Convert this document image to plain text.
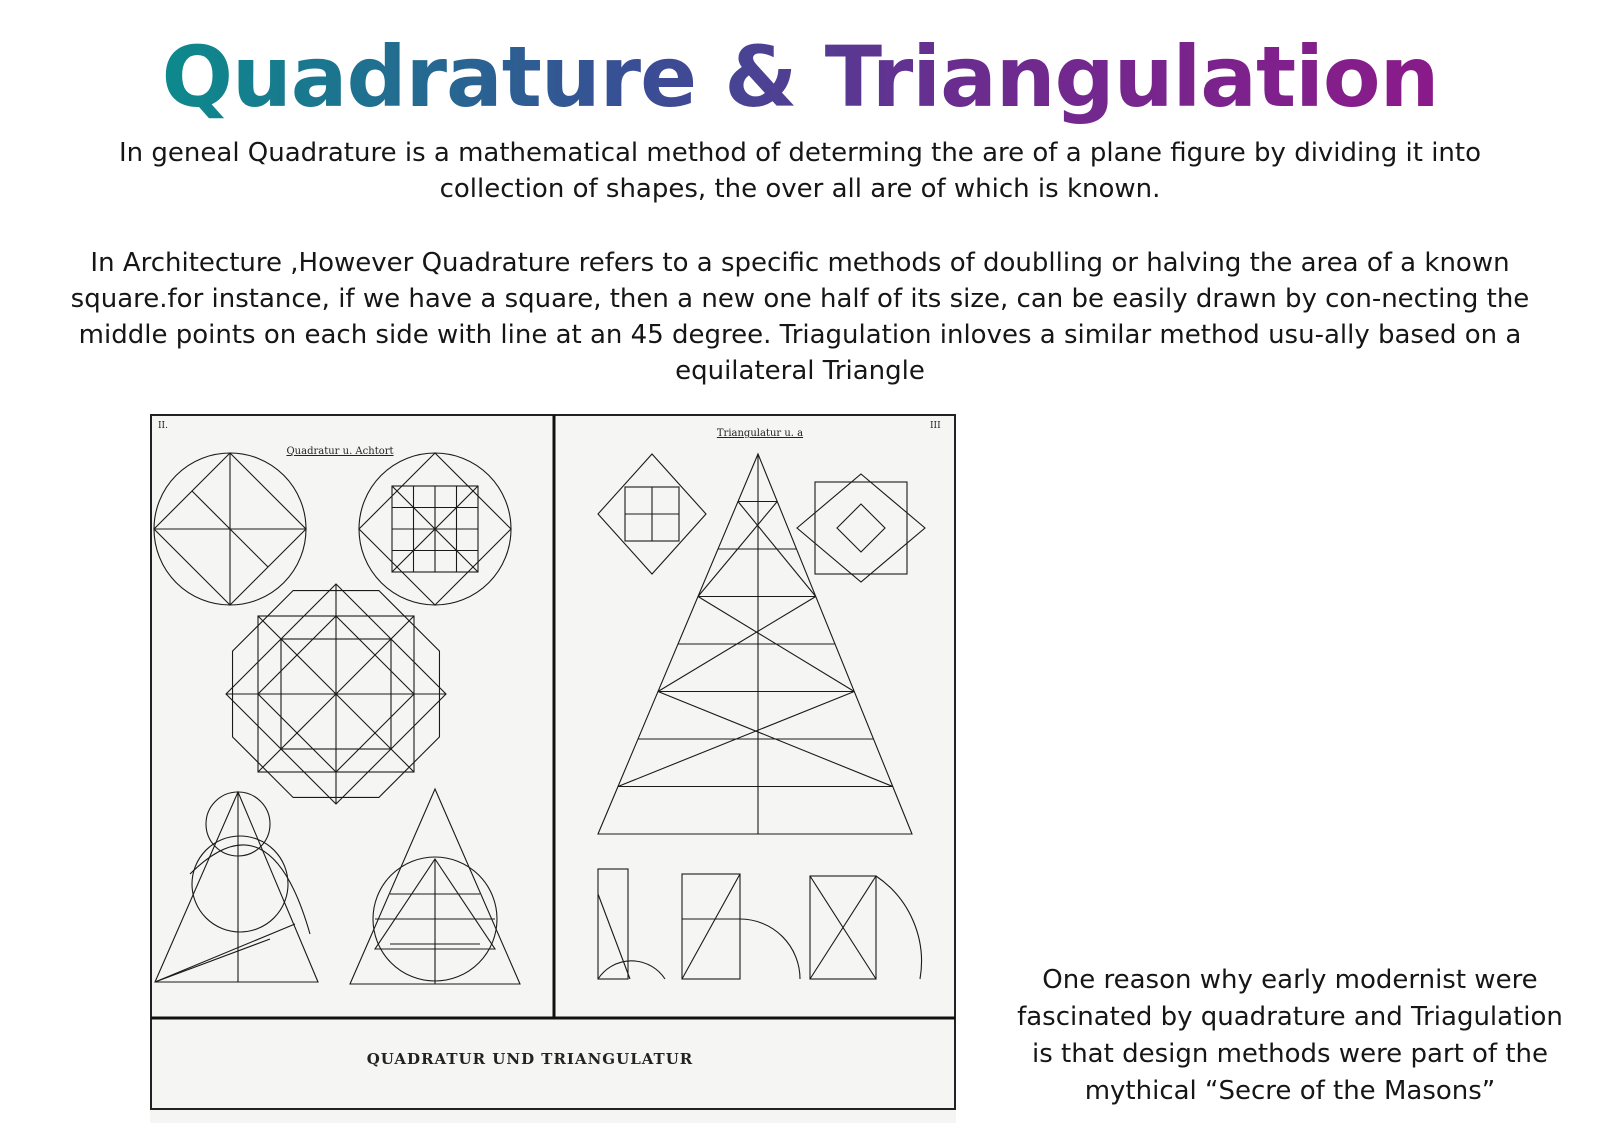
Quadrature & Triangulation
In geneal Quadrature is a mathematical method of determing the are of a plane figure by dividing it into collection of shapes, the over all are of which is known.
In Architecture ,However Quadrature refers to a specific methods of doublling or halving the area of a known square.for instance, if we have a square, then a new one half of its size, can be easily drawn by con-necting the middle points on each side with line at an 45 degree. Triagulation inloves a similar method usu-ally based on a equilateral Triangle
II.	III
Quadratur u. Achtort
Triangulatur u. a
QUADRATUR UND TRIANGULATUR
One reason why early modernist were
fascinated by quadrature and Triagulation
is that design methods were part of the
mythical “Secre of the Masons”
